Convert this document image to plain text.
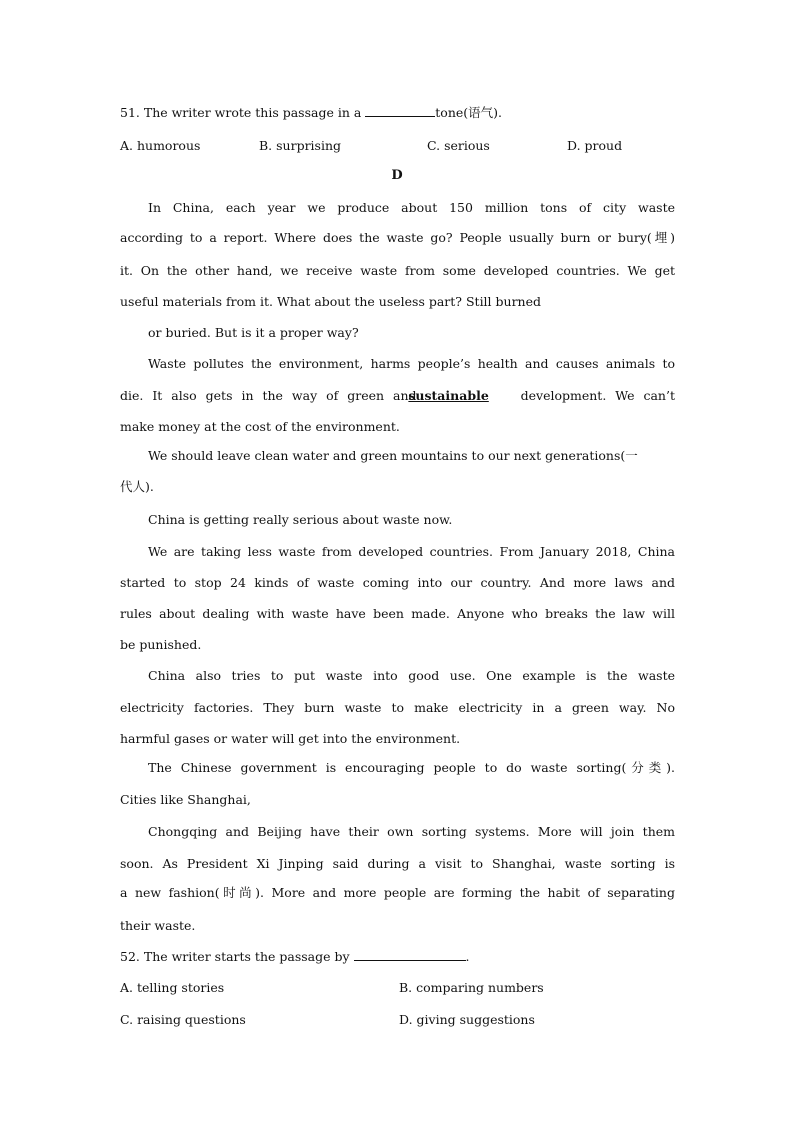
51. The writer wrote this passage in a	tone(语气).
A. humorous	B. surprising	C. serious	D. proud
D
In China, each year we produce about 150 million tons of city waste
according to a report. Where does the waste go? People usually burn or bury(埋)
it. On the other hand, we receive waste from some developed countries. We get
useful materials from it. What about the useless part? Still burned
or buried. But is it a proper way?
Waste pollutes the environment, harms people’s health and causes animals to
die. It also gets in the way of green and
sustainable	development. We can’t
make money at the cost of the environment.
We should leave clean water and green mountains to our next generations(一
代人).
China is getting really serious about waste now.
We are taking less waste from developed countries. From January 2018, China
started to stop 24 kinds of waste coming into our country. And more laws and
rules about dealing with waste have been made. Anyone who breaks the law will
be punished.
China also tries to put waste into good use. One example is the waste
electricity factories. They burn waste to make electricity in a green way. No
harmful gases or water will get into the environment.
The Chinese government is encouraging people to do waste sorting(分类).
Cities like Shanghai,
Chongqing and Beijing have their own sorting systems. More will join them
soon. As President Xi Jinping said during a visit to Shanghai, waste sorting is
a new fashion(时尚). More and more people are forming the habit of separating
their waste.
52. The writer starts the passage by	.
A. telling stories	B. comparing numbers
C. raising questions	D. giving suggestions
